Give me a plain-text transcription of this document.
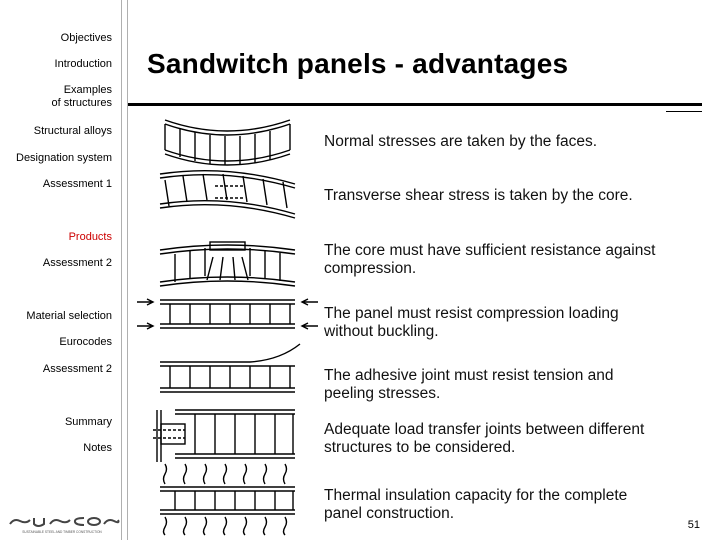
Objectives
Introduction
Examples
of structures
Structural alloys
Designation system
Assessment 1
Products
Assessment 2
Material selection
Eurocodes
Assessment 2
Summary
Notes
SUSTAINABLE STEEL AND TIMBER CONSTRUCTION
Sandwitch panels - advantages
Normal stresses are taken by the faces.
Transverse shear stress is taken by the core.
The core must have sufficient resistance against
compression.
The panel must resist compression loading
without buckling.
The adhesive joint must resist tension and
peeling stresses.
Adequate load transfer joints between different
structures to be considered.
Thermal insulation capacity for the complete
panel construction.
51
